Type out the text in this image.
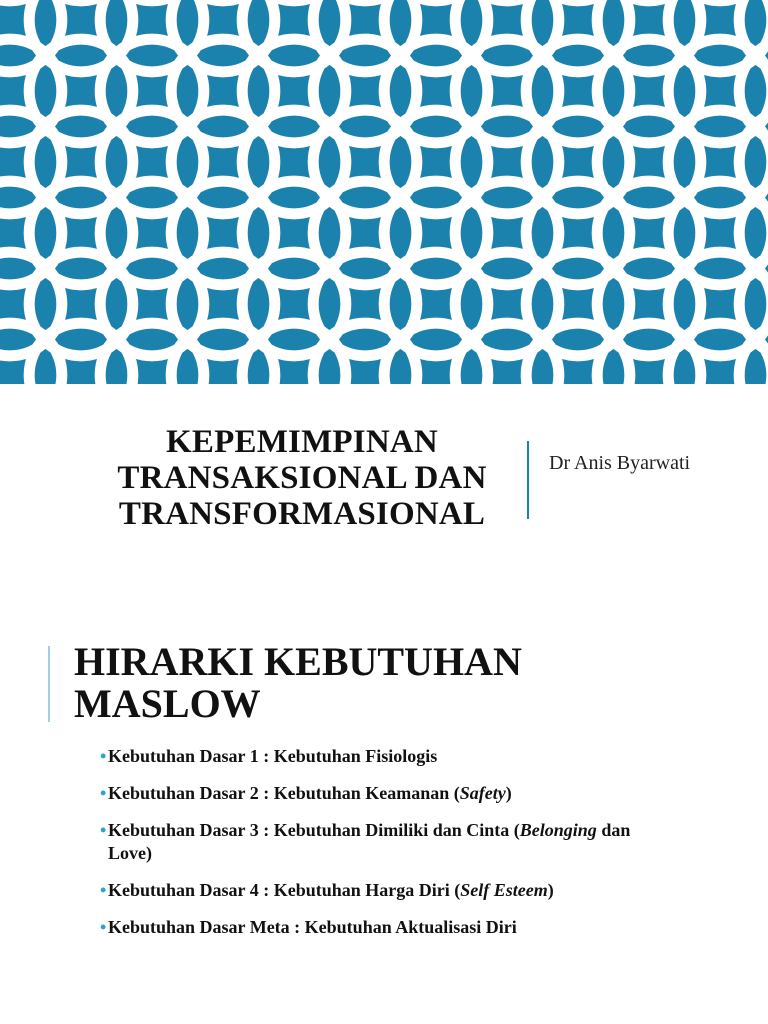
KEPEMIMPINAN
TRANSAKSIONAL DAN
TRANSFORMASIONAL
Dr Anis Byarwati
HIRARKI KEBUTUHAN
MASLOW
• Kebutuhan Dasar 1 : Kebutuhan Fisiologis
• Kebutuhan Dasar 2 : Kebutuhan Keamanan (Safety)
• Kebutuhan Dasar 3 : Kebutuhan Dimiliki dan Cinta (Belonging dan Love)
• Kebutuhan Dasar 4 : Kebutuhan Harga Diri (Self Esteem)
• Kebutuhan Dasar Meta : Kebutuhan Aktualisasi Diri
